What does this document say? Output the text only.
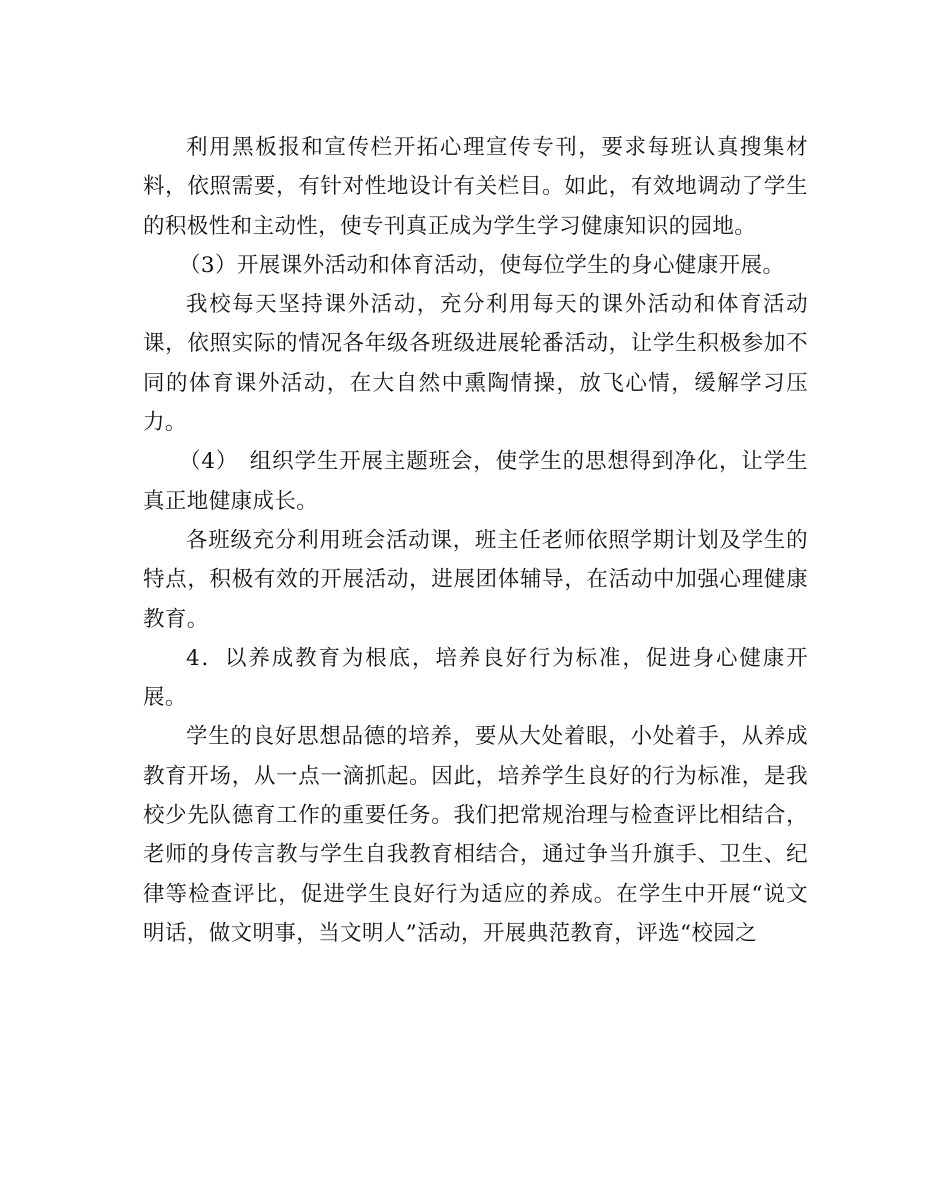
利用黑板报和宣传栏开拓心理宣传专刊，要求每班认真搜集材料，依照需要，有针对性地设计有关栏目。如此，有效地调动了学生的积极性和主动性，使专刊真正成为学生学习健康知识的园地。

（3）开展课外活动和体育活动，使每位学生的身心健康开展。

我校每天坚持课外活动，充分利用每天的课外活动和体育活动课，依照实际的情况各年级各班级进展轮番活动，让学生积极参加不同的体育课外活动，在大自然中熏陶情操，放飞心情，缓解学习压力。

（4）　组织学生开展主题班会，使学生的思想得到净化，让学生真正地健康成长。

各班级充分利用班会活动课，班主任老师依照学期计划及学生的特点，积极有效的开展活动，进展团体辅导，在活动中加强心理健康教育。

4．以养成教育为根底，培养良好行为标准，促进身心健康开展。

学生的良好思想品德的培养，要从大处着眼，小处着手，从养成教育开场，从一点一滴抓起。因此，培养学生良好的行为标准，是我校少先队德育工作的重要任务。我们把常规治理与检查评比相结合，老师的身传言教与学生自我教育相结合，通过争当升旗手、卫生、纪律等检查评比，促进学生良好行为适应的养成。在学生中开展“说文明话，做文明事，当文明人”活动，开展典范教育，评选“校园之
